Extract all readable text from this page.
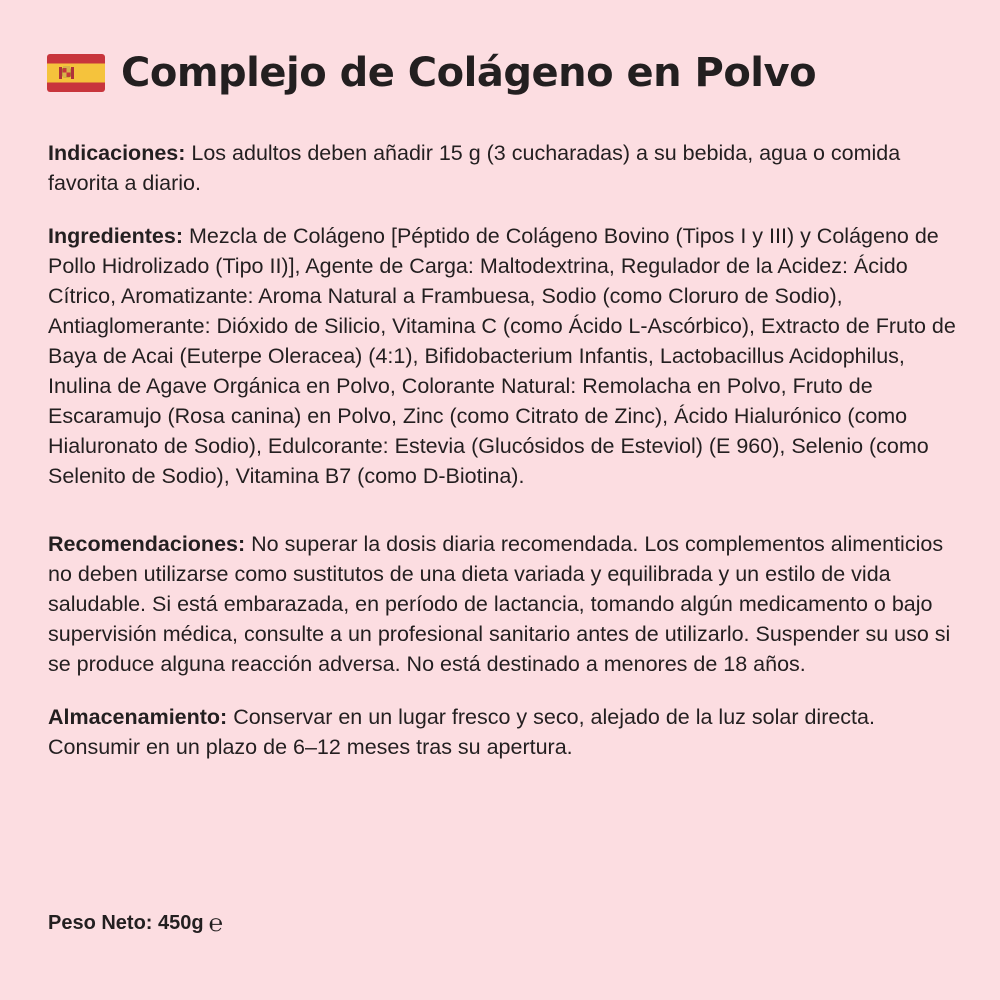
Complejo de Colágeno en Polvo

Indicaciones: Los adultos deben añadir 15 g (3 cucharadas) a su bebida, agua o comida favorita a diario.

Ingredientes: Mezcla de Colágeno [Péptido de Colágeno Bovino (Tipos I y III) y Colágeno de Pollo Hidrolizado (Tipo II)], Agente de Carga: Maltodextrina, Regulador de la Acidez: Ácido Cítrico, Aromatizante: Aroma Natural a Frambuesa, Sodio (como Cloruro de Sodio), Antiaglomerante: Dióxido de Silicio, Vitamina C (como Ácido L-Ascórbico), Extracto de Fruto de Baya de Acai (Euterpe Oleracea) (4:1), Bifidobacterium Infantis, Lactobacillus Acidophilus, Inulina de Agave Orgánica en Polvo, Colorante Natural: Remolacha en Polvo, Fruto de Escaramujo (Rosa canina) en Polvo, Zinc (como Citrato de Zinc), Ácido Hialurónico (como Hialuronato de Sodio), Edulcorante: Estevia (Glucósidos de Esteviol) (E 960), Selenio (como Selenito de Sodio), Vitamina B7 (como D-Biotina).

Recomendaciones: No superar la dosis diaria recomendada. Los complementos alimenticios no deben utilizarse como sustitutos de una dieta variada y equilibrada y un estilo de vida saludable. Si está embarazada, en período de lactancia, tomando algún medicamento o bajo supervisión médica, consulte a un profesional sanitario antes de utilizarlo. Suspender su uso si se produce alguna reacción adversa. No está destinado a menores de 18 años.

Almacenamiento: Conservar en un lugar fresco y seco, alejado de la luz solar directa. Consumir en un plazo de 6–12 meses tras su apertura.

Peso Neto: 450g ℮
